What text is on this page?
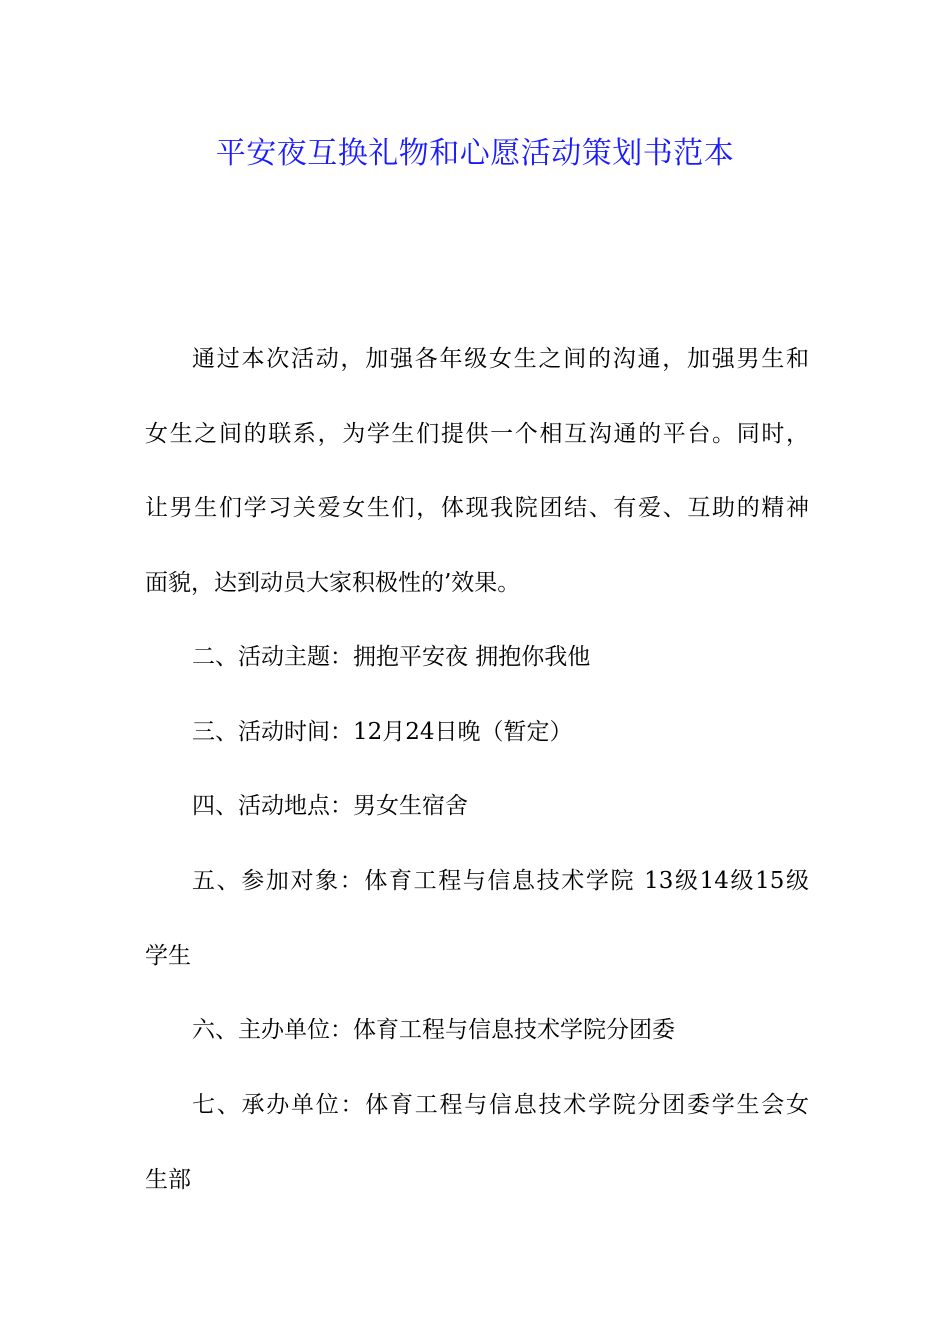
平安夜互换礼物和心愿活动策划书范本
通过本次活动，加强各年级女生之间的沟通，加强男生和
女生之间的联系，为学生们提供一个相互沟通的平台。同时，
让男生们学习关爱女生们，体现我院团结、有爱、互助的精神
面貌，达到动员大家积极性的’效果。
二、活动主题：拥抱平安夜 拥抱你我他
三、活动时间：12月24日晚（暂定）
四、活动地点：男女生宿舍
五、参加对象：体育工程与信息技术学院 13级14级15级
学生
六、主办单位：体育工程与信息技术学院分团委
七、承办单位：体育工程与信息技术学院分团委学生会女
生部
